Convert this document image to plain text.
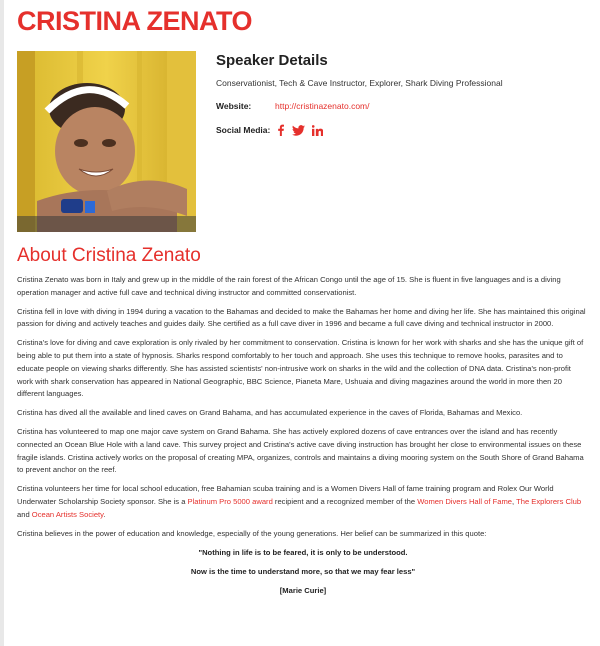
CRISTINA ZENATO
Speaker Details
Conservationist, Tech & Cave Instructor, Explorer, Shark Diving Professional
Website:	http://cristinazenato.com/
Social Media:
About Cristina Zenato

Cristina Zenato was born in Italy and grew up in the middle of the rain forest of the African Congo until the age of 15. She is fluent in five languages and is a diving operation manager and active full cave and technical diving instructor and committed conservationist.

Cristina fell in love with diving in 1994 during a vacation to the Bahamas and decided to make the Bahamas her home and diving her life. She has maintained this original passion for diving and actively teaches and guides daily. She certified as a full cave diver in 1996 and became a full cave diving and technical instructor in 2000.

Cristina's love for diving and cave exploration is only rivaled by her commitment to conservation. Cristina is known for her work with sharks and she has the unique gift of being able to put them into a state of hypnosis. Sharks respond comfortably to her touch and approach. She uses this technique to remove hooks, parasites and to educate people on viewing sharks differently. She has assisted scientists' non-intrusive work on sharks in the wild and the collection of DNA data. Cristina's non-profit work with shark conservation has appeared in National Geographic, BBC Science, Pianeta Mare, Ushuaia and diving magazines around the world in more then 20 different languages.

Cristina has dived all the available and lined caves on Grand Bahama, and has accumulated experience in the caves of Florida, Bahamas and Mexico.

Cristina has volunteered to map one major cave system on Grand Bahama. She has actively explored dozens of cave entrances over the island and has recently connected an Ocean Blue Hole with a land cave. This survey project and Cristina's active cave diving instruction has brought her close to environmental issues on these fragile islands. Cristina actively works on the proposal of creating MPA, organizes, controls and maintains a diving mooring system on the South Shore of Grand Bahama to prevent anchor on the reef.

Cristina volunteers her time for local school education, free Bahamian scuba training and is a Women Divers Hall of fame training program and Rolex Our World Underwater Scholarship Society sponsor. She is a Platinum Pro 5000 award recipient and a recognized member of the Women Divers Hall of Fame, The Explorers Club and Ocean Artists Society.

Cristina believes in the power of education and knowledge, especially of the young generations. Her belief can be summarized in this quote:

"Nothing in life is to be feared, it is only to be understood.

Now is the time to understand more, so that we may fear less"

[Marie Curie]
